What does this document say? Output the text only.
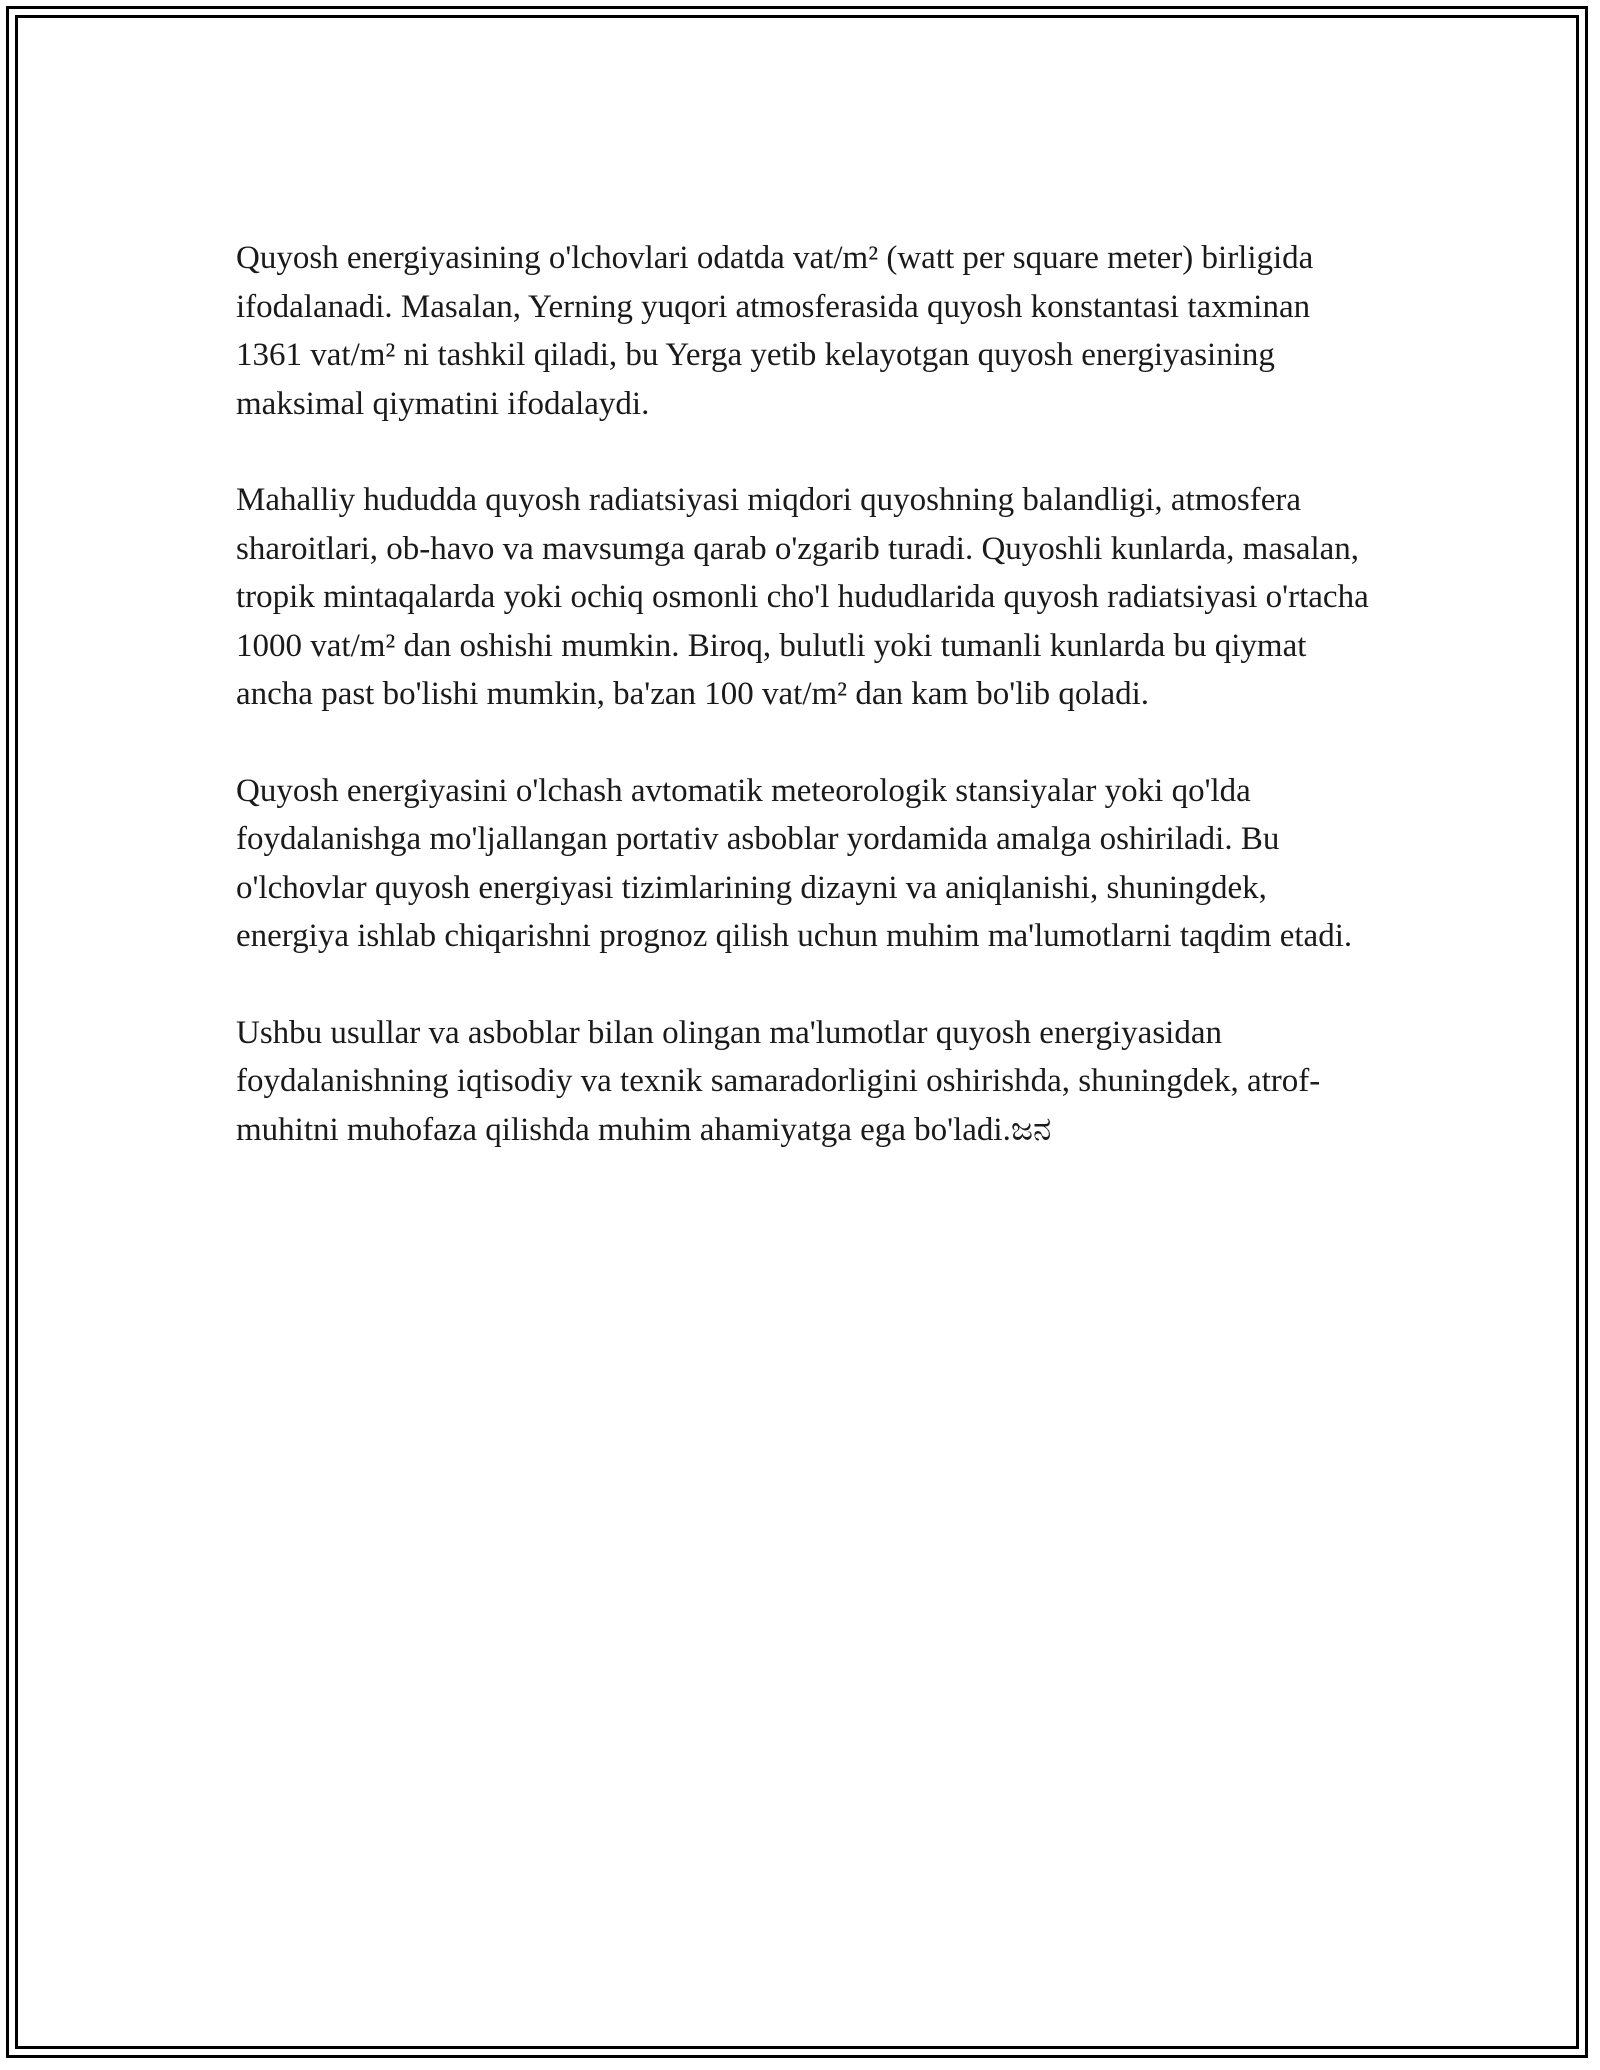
Quyosh energiyasining o'lchovlari odatda vat/m² (watt per square meter) birligida ifodalanadi. Masalan, Yerning yuqori atmosferasida quyosh konstantasi taxminan 1361 vat/m² ni tashkil qiladi, bu Yerga yetib kelayotgan quyosh energiyasining maksimal qiymatini ifodalaydi.

Mahalliy hududda quyosh radiatsiyasi miqdori quyoshning balandligi, atmosfera sharoitlari, ob-havo va mavsumga qarab o'zgarib turadi. Quyoshli kunlarda, masalan, tropik mintaqalarda yoki ochiq osmonli cho'l hududlarida quyosh radiatsiyasi o'rtacha 1000 vat/m² dan oshishi mumkin. Biroq, bulutli yoki tumanli kunlarda bu qiymat ancha past bo'lishi mumkin, ba'zan 100 vat/m² dan kam bo'lib qoladi.

Quyosh energiyasini o'lchash avtomatik meteorologik stansiyalar yoki qo'lda foydalanishga mo'ljallangan portativ asboblar yordamida amalga oshiriladi. Bu o'lchovlar quyosh energiyasi tizimlarining dizayni va aniqlanishi, shuningdek, energiya ishlab chiqarishni prognoz qilish uchun muhim ma'lumotlarni taqdim etadi.

Ushbu usullar va asboblar bilan olingan ma'lumotlar quyosh energiyasidan foydalanishning iqtisodiy va texnik samaradorligini oshirishda, shuningdek, atrof-muhitni muhofaza qilishda muhim ahamiyatga ega bo'ladi.ಜನ
